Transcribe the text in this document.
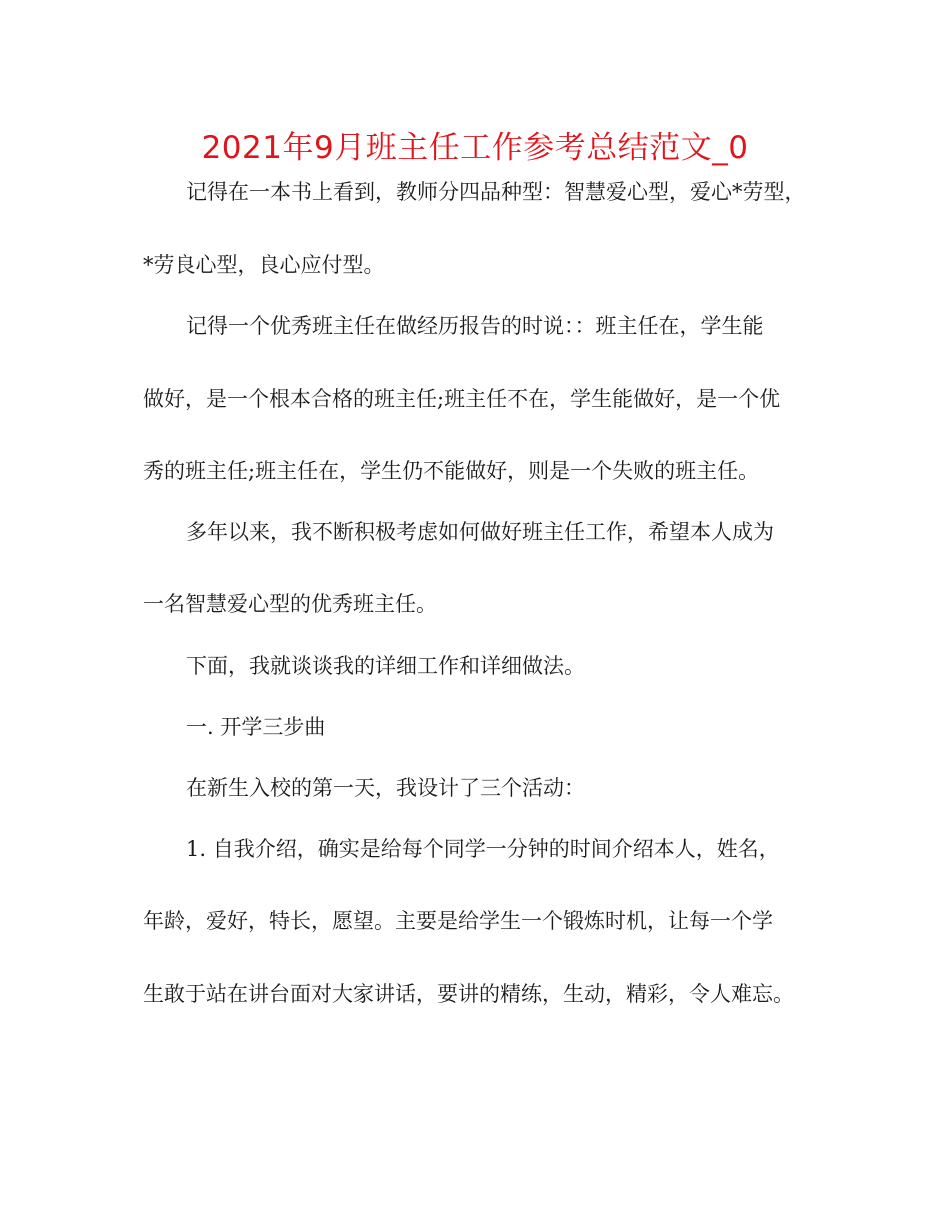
2021年9月班主任工作参考总结范文_0
记得在一本书上看到，教师分四品种型：智慧爱心型，爱心*劳型，
*劳良心型，良心应付型。
记得一个优秀班主任在做经历报告的时说：：班主任在，学生能
做好，是一个根本合格的班主任;班主任不在，学生能做好，是一个优
秀的班主任;班主任在，学生仍不能做好，则是一个失败的班主任。
多年以来，我不断积极考虑如何做好班主任工作，希望本人成为
一名智慧爱心型的优秀班主任。
下面，我就谈谈我的详细工作和详细做法。
一. 开学三步曲
在新生入校的第一天，我设计了三个活动：
1. 自我介绍，确实是给每个同学一分钟的时间介绍本人，姓名，
年龄，爱好，特长，愿望。主要是给学生一个锻炼时机，让每一个学
生敢于站在讲台面对大家讲话，要讲的精练，生动，精彩，令人难忘。
